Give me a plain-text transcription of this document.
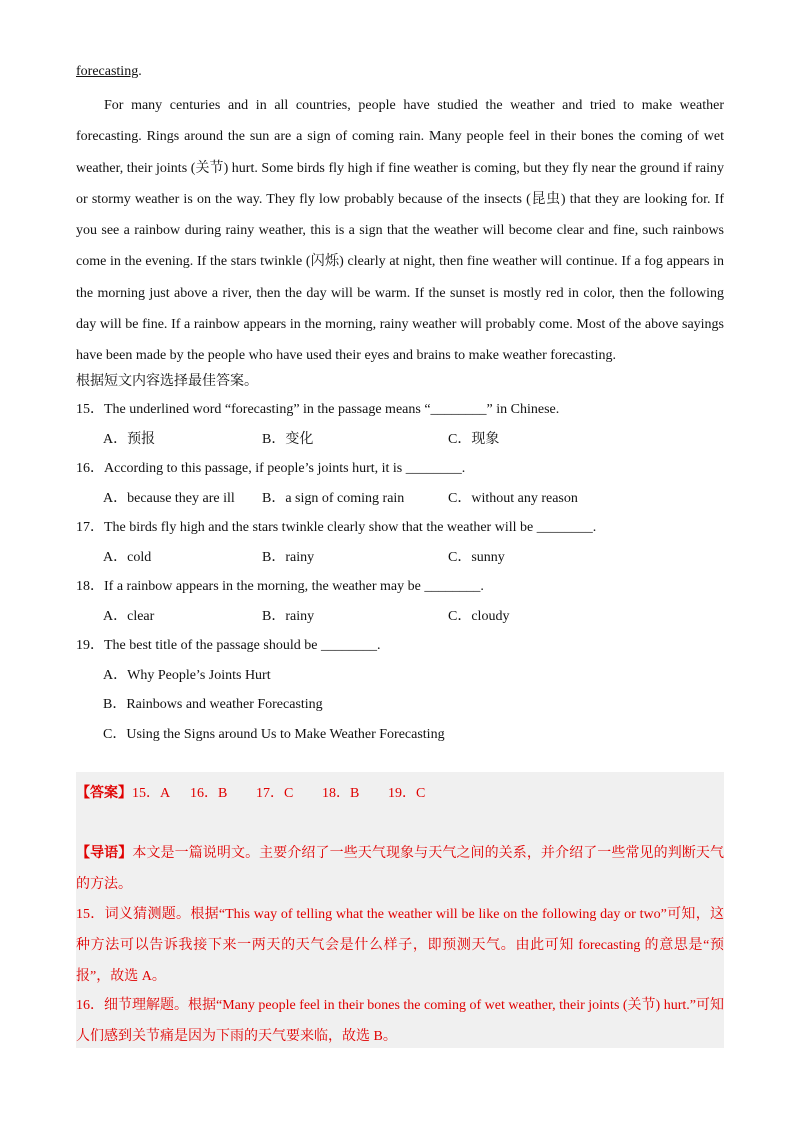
forecasting.
For many centuries and in all countries, people have studied the weather and tried to make weather forecasting. Rings around the sun are a sign of coming rain. Many people feel in their bones the coming of wet weather, their joints (关节) hurt. Some birds fly high if fine weather is coming, but they fly near the ground if rainy or stormy weather is on the way. They fly low probably because of the insects (昆虫) that they are looking for. If you see a rainbow during rainy weather, this is a sign that the weather will become clear and fine, such rainbows come in the evening. If the stars twinkle (闪烁) clearly at night, then fine weather will continue. If a fog appears in the morning just above a river, then the day will be warm. If the sunset is mostly red in color, then the following day will be fine. If a rainbow appears in the morning, rainy weather will probably come. Most of the above sayings have been made by the people who have used their eyes and brains to make weather forecasting.
根据短文内容选择最佳答案。
15．The underlined word “forecasting” in the passage means “________” in Chinese.
A．预报	B．变化	C．现象
16．According to this passage, if people’s joints hurt, it is ________.
A．because they are ill B．a sign of coming rain	C．without any reason
17．The birds fly high and the stars twinkle clearly show that the weather will be ________.
A．cold	B．rainy	C．sunny
18．If a rainbow appears in the morning, the weather may be ________.
A．clear	B．rainy	C．cloudy
19．The best title of the passage should be ________.
A．Why People’s Joints Hurt
B．Rainbows and weather Forecasting
C．Using the Signs around Us to Make Weather Forecasting
【答案】15．A 16．B 17．C 18．B 19．C
【导语】本文是一篇说明文。主要介绍了一些天气现象与天气之间的关系，并介绍了一些常见的判断天气的方法。
15．词义猜测题。根据“This way of telling what the weather will be like on the following day or two”可知，这种方法可以告诉我接下来一两天的天气会是什么样子，即预测天气。由此可知 forecasting 的意思是“预报”，故选 A。
16．细节理解题。根据“Many people feel in their bones the coming of wet weather, their joints (关节) hurt.”可知人们感到关节痛是因为下雨的天气要来临，故选 B。
